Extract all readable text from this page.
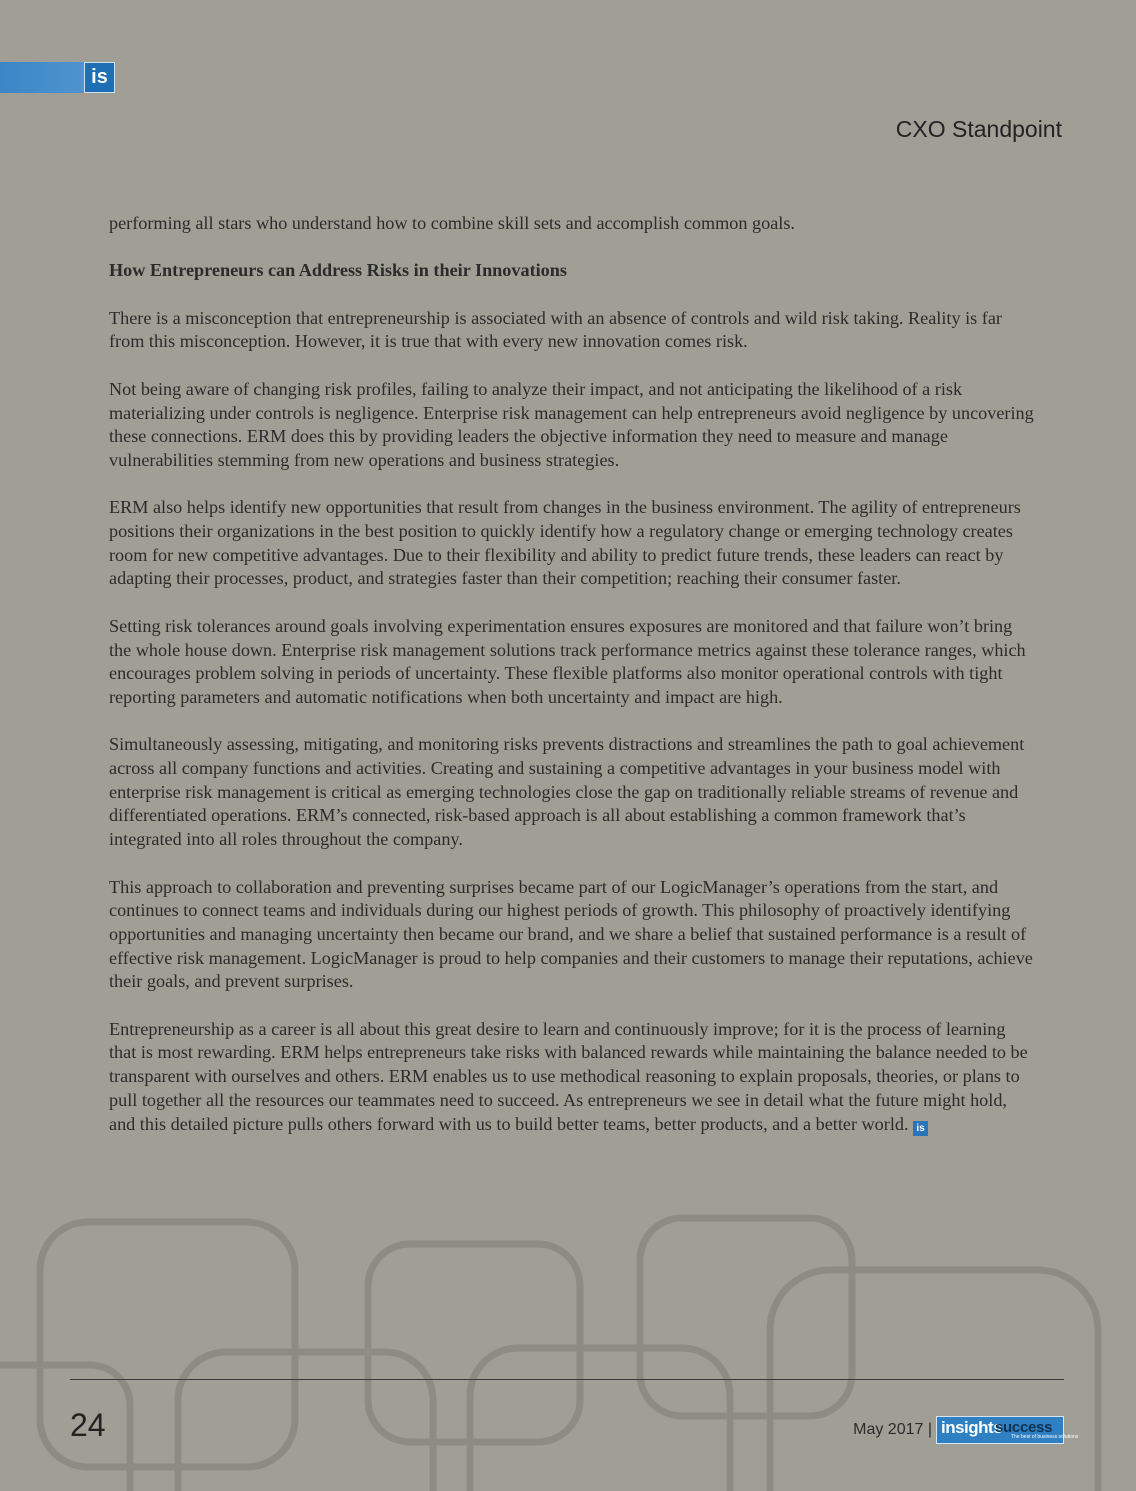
is
CXO Standpoint

performing all stars who understand how to combine skill sets and accomplish common goals.

How Entrepreneurs can Address Risks in their Innovations

There is a misconception that entrepreneurship is associated with an absence of controls and wild risk taking. Reality is far from this misconception. However, it is true that with every new innovation comes risk.

Not being aware of changing risk profiles, failing to analyze their impact, and not anticipating the likelihood of a risk materializing under controls is negligence. Enterprise risk management can help entrepreneurs avoid negligence by uncovering these connections. ERM does this by providing leaders the objective information they need to measure and manage vulnerabilities stemming from new operations and business strategies.

ERM also helps identify new opportunities that result from changes in the business environment. The agility of entrepreneurs positions their organizations in the best position to quickly identify how a regulatory change or emerging technology creates room for new competitive advantages. Due to their flexibility and ability to predict future trends, these leaders can react by adapting their processes, product, and strategies faster than their competition; reaching their consumer faster.

Setting risk tolerances around goals involving experimentation ensures exposures are monitored and that failure won’t bring the whole house down. Enterprise risk management solutions track performance metrics against these tolerance ranges, which encourages problem solving in periods of uncertainty. These flexible platforms also monitor operational controls with tight reporting parameters and automatic notifications when both uncertainty and impact are high.

Simultaneously assessing, mitigating, and monitoring risks prevents distractions and streamlines the path to goal achievement across all company functions and activities. Creating and sustaining a competitive advantages in your business model with enterprise risk management is critical as emerging technologies close the gap on traditionally reliable streams of revenue and differentiated operations. ERM’s connected, risk-based approach is all about establishing a common framework that’s integrated into all roles throughout the company.

This approach to collaboration and preventing surprises became part of our LogicManager’s operations from the start, and continues to connect teams and individuals during our highest periods of growth. This philosophy of proactively identifying opportunities and managing uncertainty then became our brand, and we share a belief that sustained performance is a result of effective risk management. LogicManager is proud to help companies and their customers to manage their reputations, achieve their goals, and prevent surprises.

Entrepreneurship as a career is all about this great desire to learn and continuously improve; for it is the process of learning that is most rewarding. ERM helps entrepreneurs take risks with balanced rewards while maintaining the balance needed to be transparent with ourselves and others. ERM enables us to use methodical reasoning to explain proposals, theories, or plans to pull together all the resources our teammates need to succeed. As entrepreneurs we see in detail what the future might hold, and this detailed picture pulls others forward with us to build better teams, better products, and a better world. is

24	May 2017 | insights
success
The best of business solutions
